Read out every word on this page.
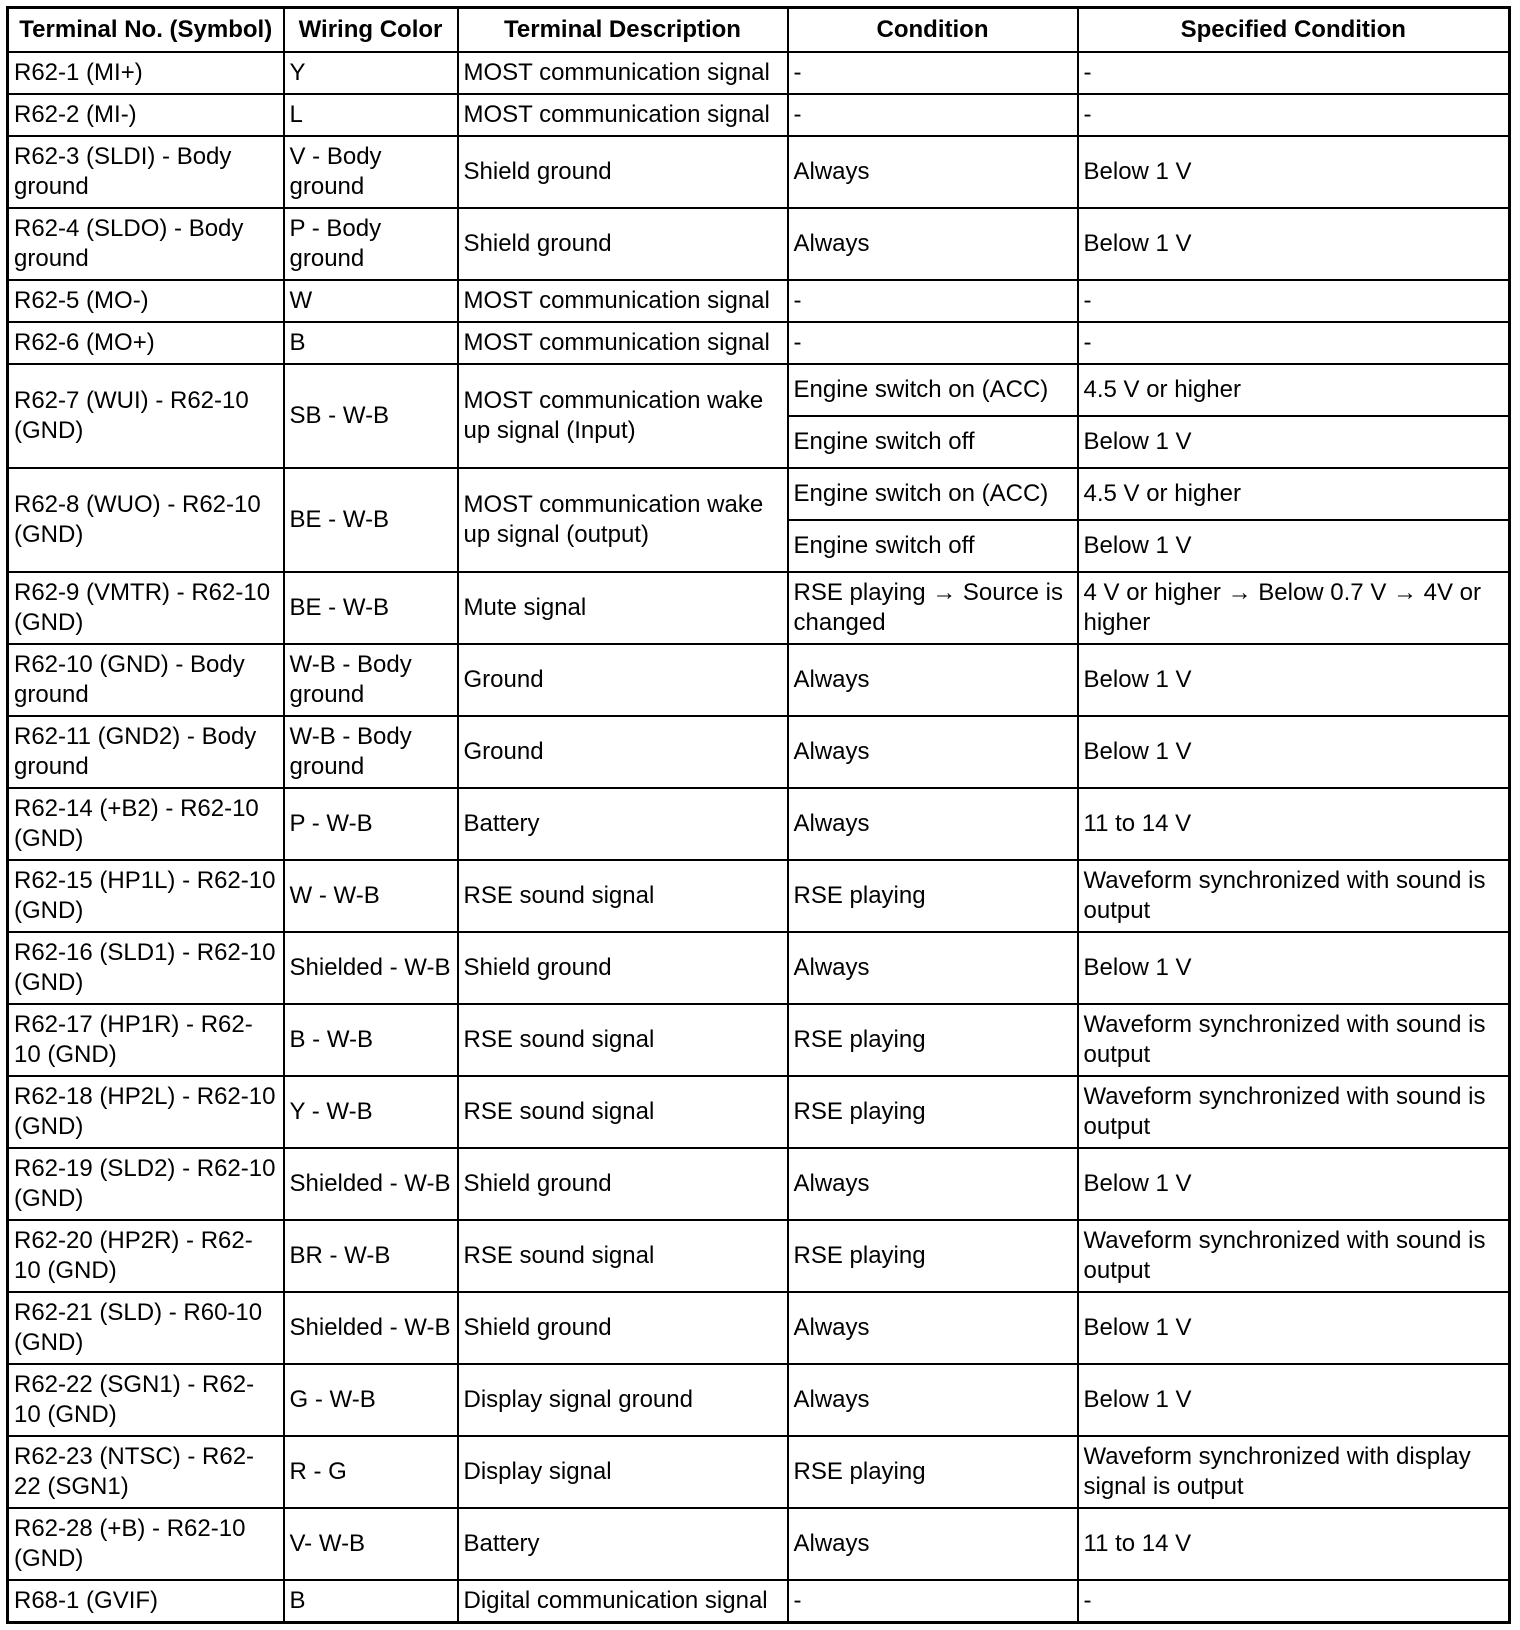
Terminal No. (Symbol)	Wiring Color	Terminal Description	Condition	Specified Condition
R62-1 (MI+)	Y	MOST communication signal	-	-
R62-2 (MI-)	L	MOST communication signal	-	-
R62-3 (SLDI) - Body ground	V - Body ground	Shield ground	Always	Below 1 V
R62-4 (SLDO) - Body ground	P - Body ground	Shield ground	Always	Below 1 V
R62-5 (MO-)	W	MOST communication signal	-	-
R62-6 (MO+)	B	MOST communication signal	-	-
R62-7 (WUI) - R62-10 (GND)	SB - W-B	MOST communication wake up signal (Input)	Engine switch on (ACC)	4.5 V or higher
			Engine switch off	Below 1 V
R62-8 (WUO) - R62-10 (GND)	BE - W-B	MOST communication wake up signal (output)	Engine switch on (ACC)	4.5 V or higher
			Engine switch off	Below 1 V
R62-9 (VMTR) - R62-10 (GND)	BE - W-B	Mute signal	RSE playing → Source is changed	4 V or higher → Below 0.7 V → 4V or higher
R62-10 (GND) - Body ground	W-B - Body ground	Ground	Always	Below 1 V
R62-11 (GND2) - Body ground	W-B - Body ground	Ground	Always	Below 1 V
R62-14 (+B2) - R62-10 (GND)	P - W-B	Battery	Always	11 to 14 V
R62-15 (HP1L) - R62-10 (GND)	W - W-B	RSE sound signal	RSE playing	Waveform synchronized with sound is output
R62-16 (SLD1) - R62-10 (GND)	Shielded - W-B	Shield ground	Always	Below 1 V
R62-17 (HP1R) - R62-10 (GND)	B - W-B	RSE sound signal	RSE playing	Waveform synchronized with sound is output
R62-18 (HP2L) - R62-10 (GND)	Y - W-B	RSE sound signal	RSE playing	Waveform synchronized with sound is output
R62-19 (SLD2) - R62-10 (GND)	Shielded - W-B	Shield ground	Always	Below 1 V
R62-20 (HP2R) - R62-10 (GND)	BR - W-B	RSE sound signal	RSE playing	Waveform synchronized with sound is output
R62-21 (SLD) - R60-10 (GND)	Shielded - W-B	Shield ground	Always	Below 1 V
R62-22 (SGN1) - R62-10 (GND)	G - W-B	Display signal ground	Always	Below 1 V
R62-23 (NTSC) - R62-22 (SGN1)	R - G	Display signal	RSE playing	Waveform synchronized with display signal is output
R62-28 (+B) - R62-10 (GND)	V- W-B	Battery	Always	11 to 14 V
R68-1 (GVIF)	B	Digital communication signal	-	-
